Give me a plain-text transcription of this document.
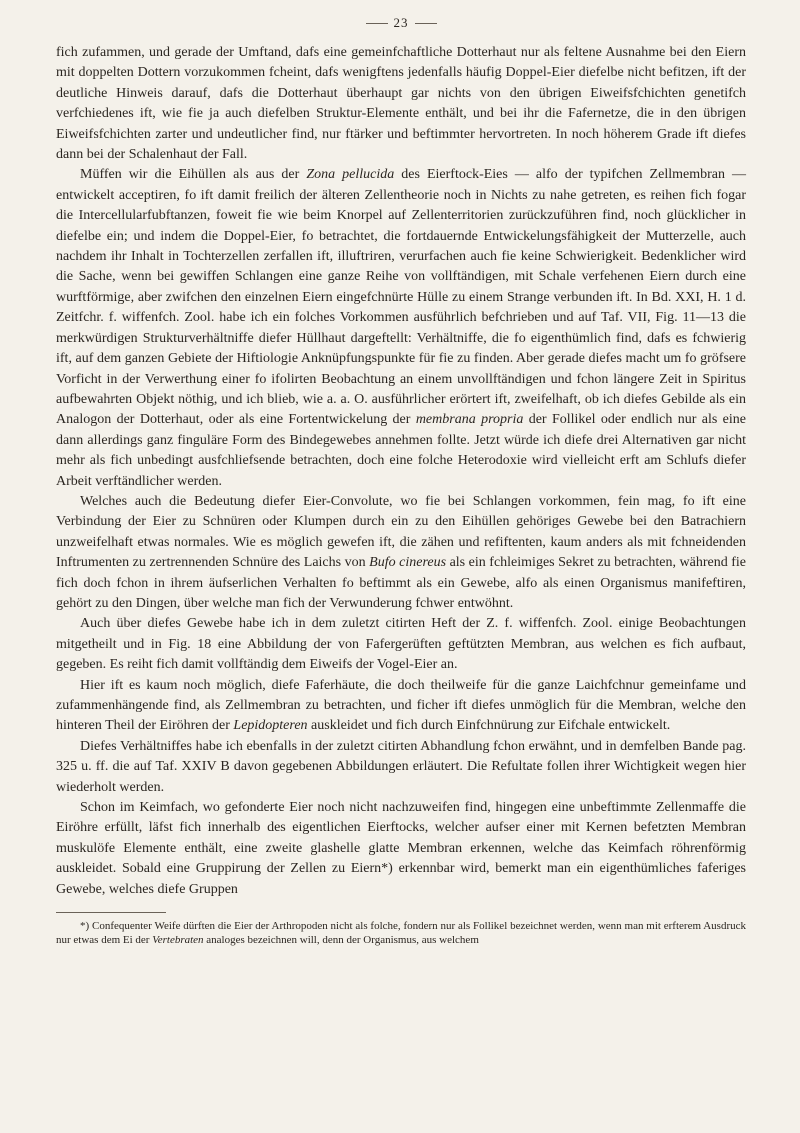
23

fich zufammen, und gerade der Umftand, dafs eine gemeinfchaftliche Dotterhaut nur als feltene Ausnahme bei den Eiern mit doppelten Dottern vorzukommen fcheint, dafs wenigftens jedenfalls häufig Doppel-Eier diefelbe nicht befitzen, ift der deutliche Hinweis darauf, dafs die Dotterhaut überhaupt gar nichts von den übrigen Eiweifsfchichten genetifch verfchiedenes ift, wie fie ja auch diefelben Struktur-Elemente enthält, und bei ihr die Fafernetze, die in den übrigen Eiweifsfchichten zarter und undeutlicher find, nur ftärker und beftimmter hervortreten. In noch höherem Grade ift diefes dann bei der Schalenhaut der Fall.

Müffen wir die Eihüllen als aus der Zona pellucida des Eierftock-Eies — alfo der typifchen Zellmembran — entwickelt acceptiren, fo ift damit freilich der älteren Zellentheorie noch in Nichts zu nahe getreten, es reihen fich fogar die Intercellularfubftanzen, foweit fie wie beim Knorpel auf Zellenterritorien zurückzuführen find, noch glücklicher in diefelbe ein; und indem die Doppel-Eier, fo betrachtet, die fortdauernde Entwickelungsfähigkeit der Mutterzelle, auch nachdem ihr Inhalt in Tochterzellen zerfallen ift, illuftriren, verurfachen auch fie keine Schwierigkeit. Bedenklicher wird die Sache, wenn bei gewiffen Schlangen eine ganze Reihe von vollftändigen, mit Schale verfehenen Eiern durch eine wurftförmige, aber zwifchen den einzelnen Eiern eingefchnürte Hülle zu einem Strange verbunden ift. In Bd. XXI, H. 1 d. Zeitfchr. f. wiffenfch. Zool. habe ich ein folches Vorkommen ausführlich befchrieben und auf Taf. VII, Fig. 11—13 die merkwürdigen Strukturverhältniffe diefer Hüllhaut dargeftellt: Verhältniffe, die fo eigenthümlich find, dafs es fchwierig ift, auf dem ganzen Gebiete der Hiftiologie Anknüpfungspunkte für fie zu finden. Aber gerade diefes macht um fo gröfsere Vorficht in der Verwerthung einer fo ifolirten Beobachtung an einem unvollftändigen und fchon längere Zeit in Spiritus aufbewahrten Objekt nöthig, und ich blieb, wie a. a. O. ausführlicher erörtert ift, zweifelhaft, ob ich diefes Gebilde als ein Analogon der Dotterhaut, oder als eine Fortentwickelung der membrana propria der Follikel oder endlich nur als eine dann allerdings ganz finguläre Form des Bindegewebes annehmen follte. Jetzt würde ich diefe drei Alternativen gar nicht mehr als fich unbedingt ausfchliefsende betrachten, doch eine folche Heterodoxie wird vielleicht erft am Schlufs diefer Arbeit verftändlicher werden.

Welches auch die Bedeutung diefer Eier-Convolute, wo fie bei Schlangen vorkommen, fein mag, fo ift eine Verbindung der Eier zu Schnüren oder Klumpen durch ein zu den Eihüllen gehöriges Gewebe bei den Batrachiern unzweifelhaft etwas normales. Wie es möglich gewefen ift, die zähen und refiftenten, kaum anders als mit fchneidenden Inftrumenten zu zertrennenden Schnüre des Laichs von Bufo cinereus als ein fchleimiges Sekret zu betrachten, während fie fich doch fchon in ihrem äufserlichen Verhalten fo beftimmt als ein Gewebe, alfo als einen Organismus manifeftiren, gehört zu den Dingen, über welche man fich der Verwunderung fchwer entwöhnt.

Auch über diefes Gewebe habe ich in dem zuletzt citirten Heft der Z. f. wiffenfch. Zool. einige Beobachtungen mitgetheilt und in Fig. 18 eine Abbildung der von Fafergerüften geftützten Membran, aus welchen es fich aufbaut, gegeben. Es reiht fich damit vollftändig dem Eiweifs der Vogel-Eier an.

Hier ift es kaum noch möglich, diefe Faferhäute, die doch theilweife für die ganze Laichfchnur gemeinfame und zufammenhängende find, als Zellmembran zu betrachten, und ficher ift diefes unmöglich für die Membran, welche den hinteren Theil der Eiröhren der Lepidopteren auskleidet und fich durch Einfchnürung zur Eifchale entwickelt.

Diefes Verhältniffes habe ich ebenfalls in der zuletzt citirten Abhandlung fchon erwähnt, und in demfelben Bande pag. 325 u. ff. die auf Taf. XXIV B davon gegebenen Abbildungen erläutert. Die Refultate follen ihrer Wichtigkeit wegen hier wiederholt werden.

Schon im Keimfach, wo gefonderte Eier noch nicht nachzuweifen find, hingegen eine unbeftimmte Zellenmaffe die Eiröhre erfüllt, läfst fich innerhalb des eigentlichen Eierftocks, welcher aufser einer mit Kernen befetzten Membran muskulöfe Elemente enthält, eine zweite glashelle glatte Membran erkennen, welche das Keimfach röhrenförmig auskleidet. Sobald eine Gruppirung der Zellen zu Eiern*) erkennbar wird, bemerkt man ein eigenthümliches faferiges Gewebe, welches diefe Gruppen

*) Confequenter Weife dürften die Eier der Arthropoden nicht als folche, fondern nur als Follikel bezeichnet werden, wenn man mit erfterem Ausdruck nur etwas dem Ei der Vertebraten analoges bezeichnen will, denn der Organismus, aus welchem
